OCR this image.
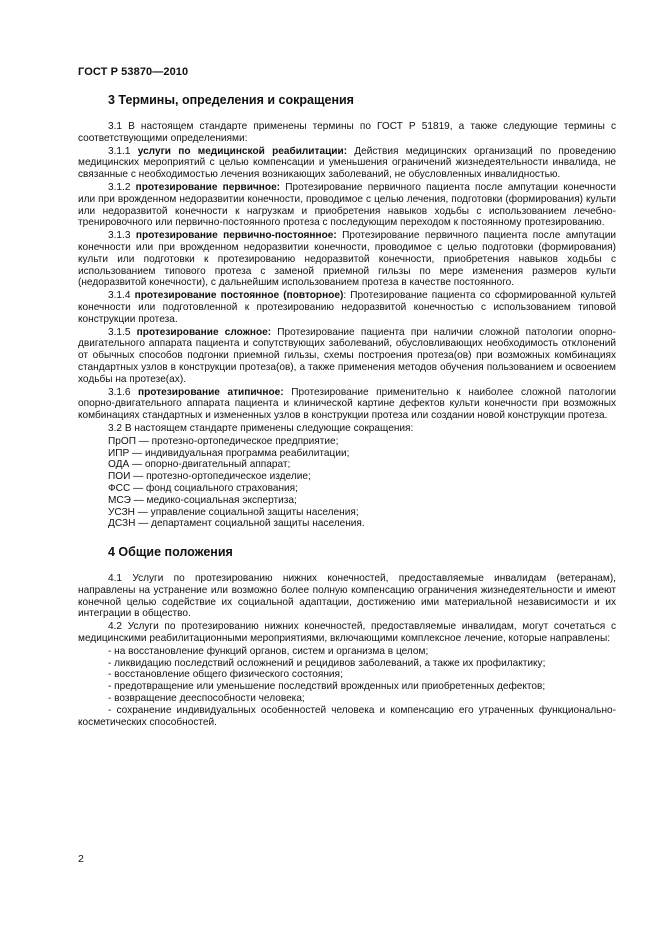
ГОСТ Р 53870—2010
3 Термины, определения и сокращения

3.1 В настоящем стандарте применены термины по ГОСТ Р 51819, а также следующие термины с соответствующими определениями:

3.1.1 услуги по медицинской реабилитации: Действия медицинских организаций по проведению медицинских мероприятий с целью компенсации и уменьшения ограничений жизнедеятельности инвалида, не связанные с необходимостью лечения возникающих заболеваний, не обусловленных инвалидностью.

3.1.2 протезирование первичное: Протезирование первичного пациента после ампутации конечности или при врожденном недоразвитии конечности, проводимое с целью лечения, подготовки (формирования) культи или недоразвитой конечности к нагрузкам и приобретения навыков ходьбы с использованием лечебно-тренировочного или первично-постоянного протеза с последующим переходом к постоянному протезированию.

3.1.3 протезирование первично-постоянное: Протезирование первичного пациента после ампутации конечности или при врожденном недоразвитии конечности, проводимое с целью подготовки (формирования) культи или подготовки к протезированию недоразвитой конечности, приобретения навыков ходьбы с использованием типового протеза с заменой приемной гильзы по мере изменения размеров культи (недоразвитой конечности), с дальнейшим использованием протеза в качестве постоянного.

3.1.4 протезирование постоянное (повторное): Протезирование пациента со сформированной культей конечности или подготовленной к протезированию недоразвитой конечностью с использованием типовой конструкции протеза.

3.1.5 протезирование сложное: Протезирование пациента при наличии сложной патологии опорно-двигательного аппарата пациента и сопутствующих заболеваний, обусловливающих необходимость отклонений от обычных способов подгонки приемной гильзы, схемы построения протеза(ов) при возможных комбинациях стандартных узлов в конструкции протеза(ов), а также применения методов обучения пользованием и освоением ходьбы на протезе(ах).

3.1.6 протезирование атипичное: Протезирование применительно к наиболее сложной патологии опорно-двигательного аппарата пациента и клинической картине дефектов культи конечности при возможных комбинациях стандартных и измененных узлов в конструкции протеза или создании новой конструкции протеза.

3.2 В настоящем стандарте применены следующие сокращения:

ПрОП — протезно-ортопедическое предприятие;
ИПР — индивидуальная программа реабилитации;
ОДА — опорно-двигательный аппарат;
ПОИ — протезно-ортопедическое изделие;
ФСС — фонд социального страхования;
МСЭ — медико-социальная экспертиза;
УСЗН — управление социальной защиты населения;
ДСЗН — департамент социальной защиты населения.
4 Общие положения

4.1 Услуги по протезированию нижних конечностей, предоставляемые инвалидам (ветеранам), направлены на устранение или возможно более полную компенсацию ограничения жизнедеятельности и имеют конечной целью содействие их социальной адаптации, достижению ими материальной независимости и их интеграции в общество.

4.2 Услуги по протезированию нижних конечностей, предоставляемые инвалидам, могут сочетаться с медицинскими реабилитационными мероприятиями, включающими комплексное лечение, которые направлены:

- на восстановление функций органов, систем и организма в целом;
- ликвидацию последствий осложнений и рецидивов заболеваний, а также их профилактику;
- восстановление общего физического состояния;
- предотвращение или уменьшение последствий врожденных или приобретенных дефектов;
- возвращение дееспособности человека;

- сохранение индивидуальных особенностей человека и компенсацию его утраченных функционально-косметических способностей.

2
